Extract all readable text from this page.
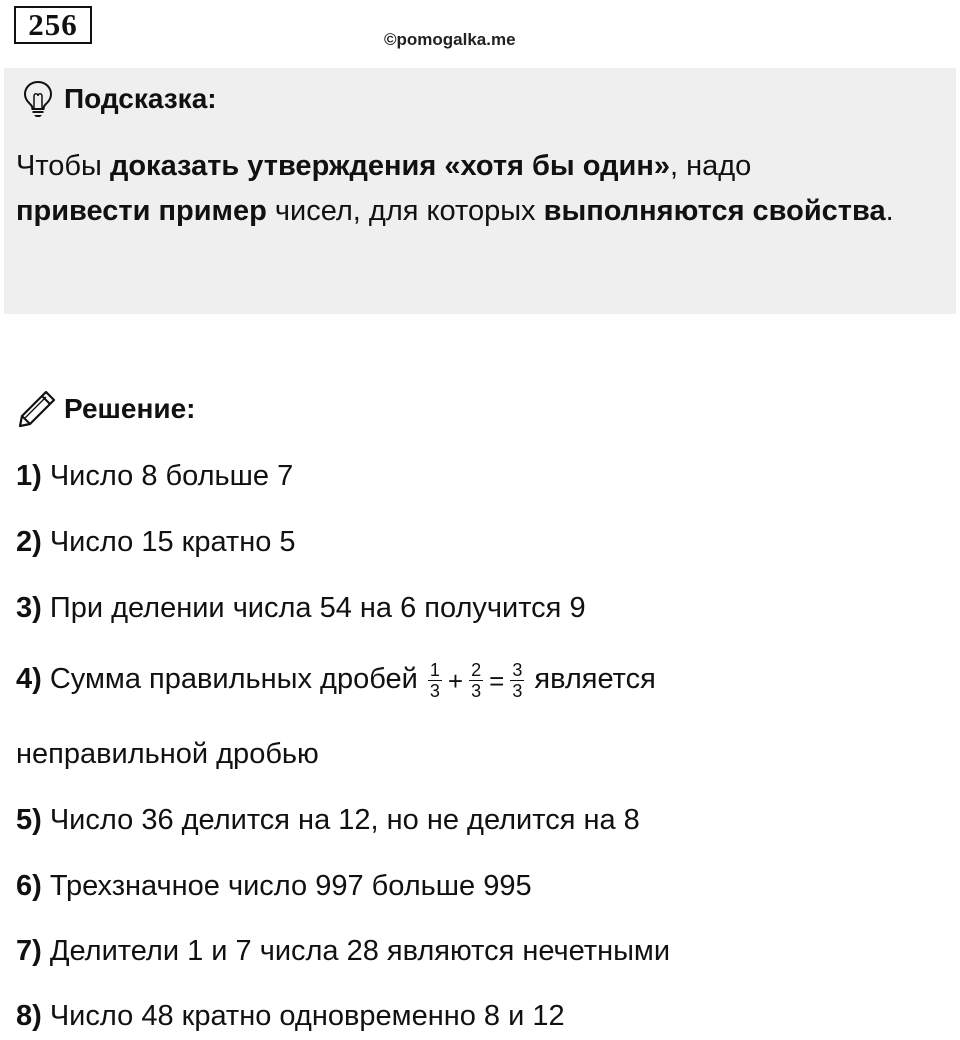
256	©pomogalka.me
Подсказка:
Чтобы доказать утверждения «хотя бы один», надо
привести пример чисел, для которых выполняются свойства.
Решение:
1) Число 8 больше 7
2) Число 15 кратно 5
3) При делении числа 54 на 6 получится 9
4) Сумма правильных дробей $\frac{1}{3} + \frac{2}{3} = \frac{3}{3}$ является
неправильной дробью
5) Число 36 делится на 12, но не делится на 8
6) Трехзначное число 997 больше 995
7) Делители 1 и 7 числа 28 являются нечетными
8) Число 48 кратно одновременно 8 и 12
